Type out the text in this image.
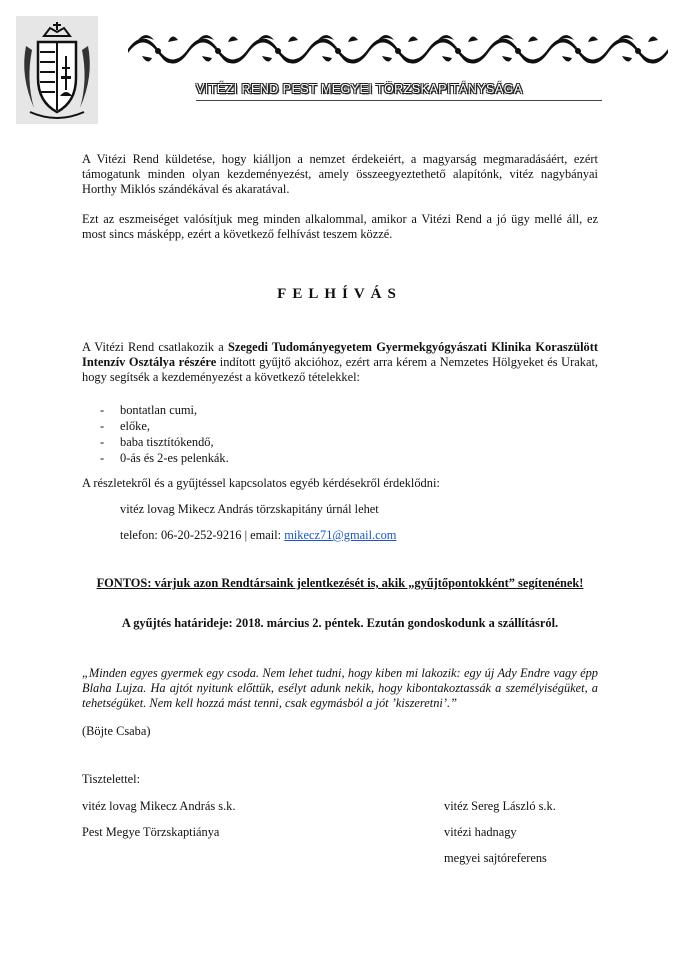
VITÉZI REND PEST MEGYEI TÖRZSKAPITÁNYSÁGA
A Vitézi Rend küldetése, hogy kiálljon a nemzet érdekeiért, a magyarság megmaradásáért, ezért támogatunk minden olyan kezdeményezést, amely összeegyeztethető alapítónk, vitéz nagybányai Horthy Miklós szándékával és akaratával.
Ezt az eszmeiséget valósítjuk meg minden alkalommal, amikor a Vitézi Rend a jó ügy mellé áll, ez most sincs másképp, ezért a következő felhívást teszem közzé.
FELHÍVÁS
A Vitézi Rend csatlakozik a Szegedi Tudományegyetem Gyermekgyógyászati Klinika Koraszülött Intenzív Osztálya részére indított gyűjtő akcióhoz, ezért arra kérem a Nemzetes Hölgyeket és Urakat, hogy segítsék a kezdeményezést a következő tételekkel:
- bontatlan cumi,
- előke,
- baba tisztítókendő,
- 0-ás és 2-es pelenkák.
A részletekről és a gyűjtéssel kapcsolatos egyéb kérdésekről érdeklődni:
vitéz lovag Mikecz András törzskapitány úrnál lehet
telefon: 06-20-252-9216 | email: mikecz71@gmail.com
FONTOS: várjuk azon Rendtársaink jelentkezését is, akik „gyűjtőpontokként” segítenének!
A gyűjtés határideje: 2018. március 2. péntek. Ezután gondoskodunk a szállításról.
„Minden egyes gyermek egy csoda. Nem lehet tudni, hogy kiben mi lakozik: egy új Ady Endre vagy épp Blaha Lujza. Ha ajtót nyitunk előttük, esélyt adunk nekik, hogy kibontakoztassák a személyiségüket, a tehetségüket. Nem kell hozzá mást tenni, csak egymásból a jót ’kiszeretni’.”
(Böjte Csaba)
Tisztelettel:
vitéz lovag Mikecz András s.k.
Pest Megye Törzskaptiánya
vitéz Sereg László s.k.
vitézi hadnagy
megyei sajtóreferens
